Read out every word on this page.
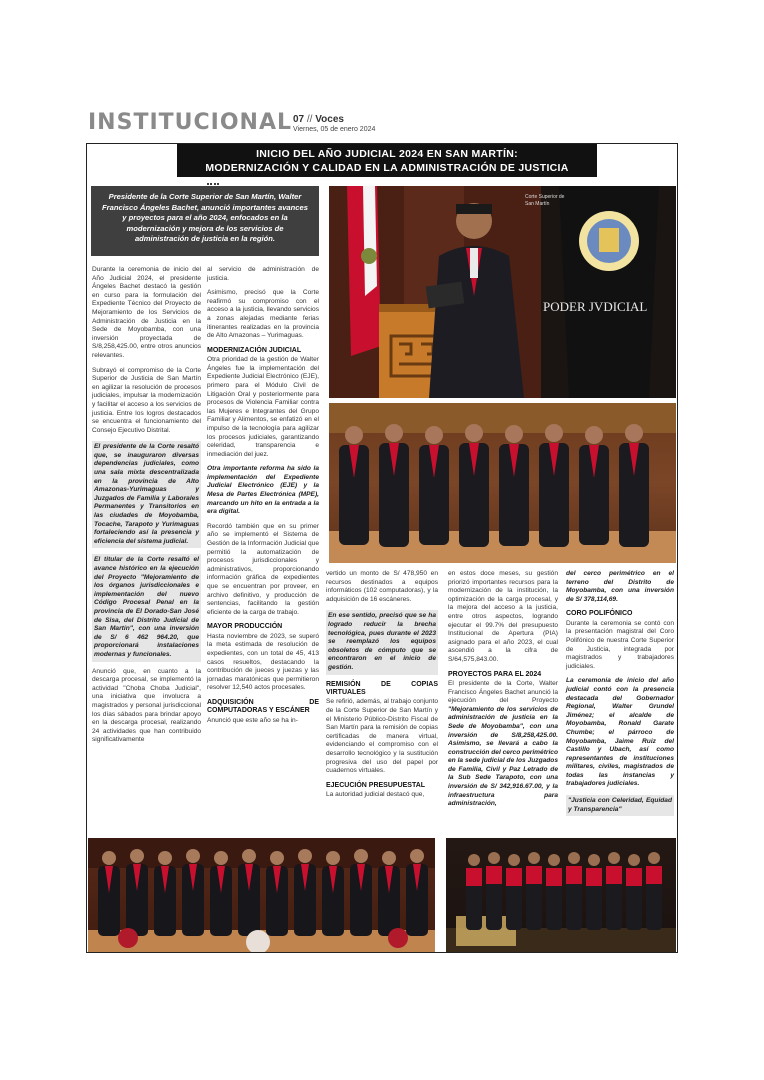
INSTITUCIONAL 07 // Voces
Viernes, 05 de enero 2024
INICIO DEL AÑO JUDICIAL 2024 EN SAN MARTÍN:
MODERNIZACIÓN Y CALIDAD EN LA ADMINISTRACIÓN DE JUSTICIA
Presidente de la Corte Superior de San Martín, Walter Francisco Ángeles Bachet, anunció importantes avances y proyectos para el año 2024, enfocados en la modernización y mejora de los servicios de administración de justicia en la región.
PODER JVDICIAL
Corte Superior de
San Martín

Durante la ceremonia de inicio del Año Judicial 2024, el presidente Ángeles Bachet destacó la gestión en curso para la formulación del Expediente Técnico del Proyecto de Mejoramiento de los Servicios de Administración de Justicia en la Sede de Moyobamba, con una inversión proyectada de S/8,258,425.00, entre otros anuncios relevantes.

Subrayó el compromiso de la Corte Superior de Justicia de San Martín en agilizar la resolución de procesos judiciales, impulsar la modernización y facilitar el acceso a los servicios de justicia. Entre los logros destacados se encuentra el funcionamiento del Consejo Ejecutivo Distrital.

El presidente de la Corte resaltó que, se inauguraron diversas dependencias judiciales, como una sala mixta descentralizada en la provincia de Alto Amazonas-Yurimaguas y Juzgados de Familia y Laborales Permanentes y Transitorios en las ciudades de Moyobamba, Tocache, Tarapoto y Yurimaguas fortaleciendo así la presencia y eficiencia del sistema judicial.

El titular de la Corte resaltó el avance histórico en la ejecución del Proyecto "Mejoramiento de los órganos jurisdiccionales e implementación del nuevo Código Procesal Penal en la provincia de El Dorado-San José de Sisa, del Distrito Judicial de San Martín", con una inversión de S/ 6 462 964.20, que proporcionará instalaciones modernas y funcionales.

Anunció que, en cuanto a la descarga procesal, se implementó la actividad "Choba Choba Judicial", una iniciativa que involucra a magistrados y personal jurisdiccional los días sábados para brindar apoyo en la descarga procesal, realizando 24 actividades que han contribuido significativamente

al servicio de administración de justicia.

Asimismo, precisó que la Corte reafirmó su compromiso con el acceso a la justicia, llevando servicios a zonas alejadas mediante ferias itinerantes realizadas en la provincia de Alto Amazonas – Yurimaguas.

MODERNIZACIÓN JUDICIAL

Otra prioridad de la gestión de Walter Ángeles fue la implementación del Expediente Judicial Electrónico (EJE), primero para el Módulo Civil de Litigación Oral y posteriormente para procesos de Violencia Familiar contra las Mujeres e Integrantes del Grupo Familiar y Alimentos, se enfatizó en el impulso de la tecnología para agilizar los procesos judiciales, garantizando celeridad, transparencia e inmediación del juez.

Otra importante reforma ha sido la implementación del Expediente Judicial Electrónico (EJE) y la Mesa de Partes Electrónica (MPE), marcando un hito en la entrada a la era digital.

Recordó también que en su primer año se implementó el Sistema de Gestión de la Información Judicial que permitió la automatización de procesos jurisdiccionales y administrativos, proporcionando información gráfica de expedientes que se encuentran por proveer, en archivo definitivo, y producción de sentencias, facilitando la gestión eficiente de la carga de trabajo.

MAYOR PRODUCCIÓN

Hasta noviembre de 2023, se superó la meta estimada de resolución de expedientes, con un total de 45, 413 casos resueltos, destacando la contribución de jueces y juezas y las jornadas maratónicas que permitieron resolver 12,540 actos procesales.

ADQUISICIÓN DE COMPUTADORAS Y ESCÁNER

Anunció que este año se ha in-

vertido un monto de S/ 478,950 en recursos destinados a equipos informáticos (102 computadoras), y la adquisición de 16 escáneres.

En ese sentido, precisó que se ha logrado reducir la brecha tecnológica, pues durante el 2023 se reemplazó los equipos obsoletos de cómputo que se encontraron en el inicio de gestión.

REMISIÓN DE COPIAS VIRTUALES

Se refirió, además, al trabajo conjunto de la Corte Superior de San Martín y el Ministerio Público-Distrito Fiscal de San Martín para la remisión de copias certificadas de manera virtual, evidenciando el compromiso con el desarrollo tecnológico y la sustitución progresiva del uso del papel por cuadernos virtuales.

EJECUCIÓN PRESUPUESTAL

La autoridad judicial destacó que,

en estos doce meses, su gestión priorizó importantes recursos para la modernización de la institución, la optimización de la carga procesal, y la mejora del acceso a la justicia, entre otros aspectos, logrando ejecutar el 99.7% del presupuesto Institucional de Apertura (PIA) asignado para el año 2023, el cual ascendió a la cifra de S/64,575,843.00.

PROYECTOS PARA EL 2024

El presidente de la Corte, Walter Francisco Ángeles Bachet anunció la ejecución del Proyecto "Mejoramiento de los servicios de administración de justicia en la Sede de Moyobamba", con una inversión de S/8,258,425.00. Asimismo, se llevará a cabo la construcción del cerco perimétrico en la sede judicial de los Juzgados de Familia, Civil y Paz Letrado de la Sub Sede Tarapoto, con una inversión de S/ 342,916.67.00, y la infraestructura para administración,

del cerco perimétrico en el terreno del Distrito de Moyobamba, con una inversión de S/ 378,114,69.

CORO POLIFÓNICO

Durante la ceremonia se contó con la presentación magistral del Coro Polifónico de nuestra Corte Superior de Justicia, integrada por magistrados y trabajadores judiciales.

La ceremonia de inicio del año judicial contó con la presencia destacada del Gobernador Regional, Walter Grundel Jiménez; el alcalde de Moyobamba, Ronald Garate Chumbe; el párroco de Moyobamba, Jaime Ruiz del Castillo y Ubach, así como representantes de instituciones militares, civiles, magistrados de todas las instancias y trabajadores judiciales.

"Justicia con Celeridad, Equidad y Transparencia"
